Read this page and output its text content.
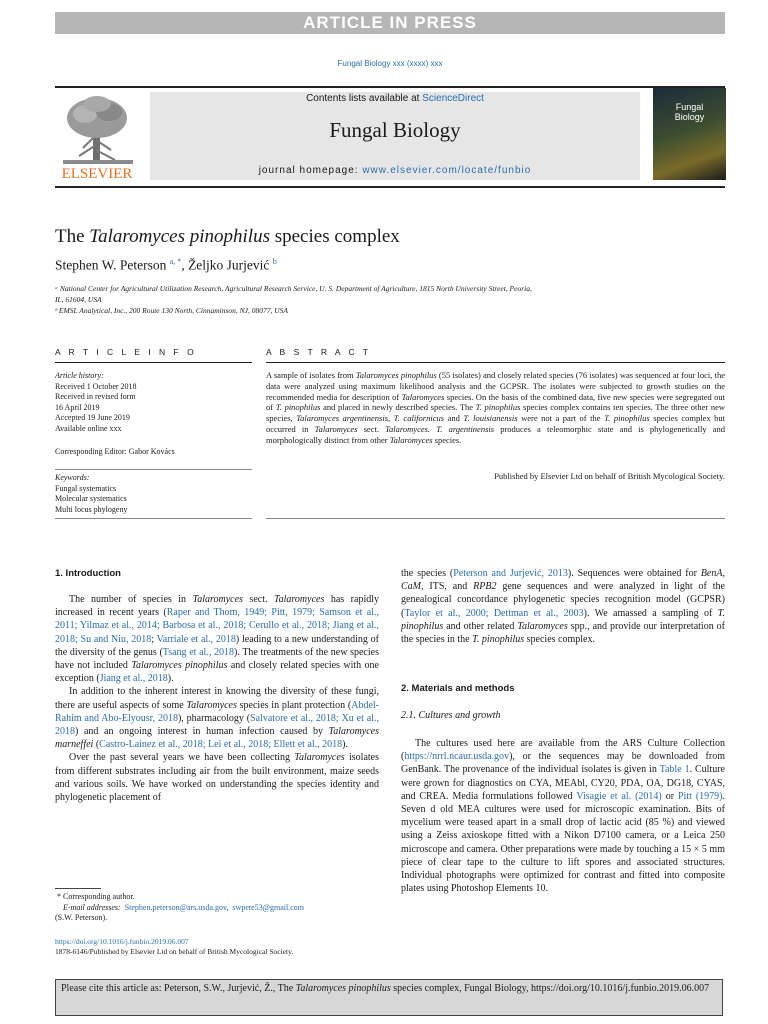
ARTICLE IN PRESS
Fungal Biology xxx (xxxx) xxx
ELSEVIER
Contents lists available at ScienceDirect
Fungal Biology
journal homepage: www.elsevier.com/locate/funbio
Fungal
Biology
The Talaromyces pinophilus species complex
Stephen W. Peterson $^{a, *}$, Željko Jurjević $^b$
ᵃ National Center for Agricultural Utilization Research, Agricultural Research Service, U. S. Department of Agriculture, 1815 North University Street, Peoria,
IL, 61604, USA
ᵇ EMSL Analytical, Inc., 200 Route 130 North, Cinnaminson, NJ, 08077, USA
A R T I C L E I N F O	A B S T R A C T
Article history:
Received 1 October 2018
Received in revised form
16 April 2019
Accepted 19 June 2019
Available online xxx
Corresponding Editor: Gabor Kovács
Keywords:
Fungal systematics
Molecular systematics
Multi locus phylogeny
A sample of isolates from Talaromyces pinophilus (55 isolates) and closely related species (76 isolates) was sequenced at four loci, the data were analyzed using maximum likelihood analysis and the GCPSR. The isolates were subjected to growth studies on the recommended media for description of Talaromyces species. On the basis of the combined data, five new species were segregated out of T. pinophilus and placed in newly described species. The T. pinophilus species complex contains ten species. The three other new species, Talaromyces argentinensis, T. californicus and T. louisianensis were not a part of the T. pinophilus species complex but occurred in Talaromyces sect. Talaromyces. T. argentinensis produces a teleomorphic state and is phylogenetically and morphologically distinct from other Talaromyces species.
Published by Elsevier Ltd on behalf of British Mycological Society.
1. Introduction

The number of species in Talaromyces sect. Talaromyces has rapidly increased in recent years (Raper and Thom, 1949; Pitt, 1979; Samson et al., 2011; Yilmaz et al., 2014; Barbosa et al., 2018; Cerullo et al., 2018; Jiang et al., 2018; Su and Niu, 2018; Varriale et al., 2018) leading to a new understanding of the diversity of the genus (Tsang et al., 2018). The treatments of the new species have not included Talaromyces pinophilus and closely related species with one exception (Jiang et al., 2018).

In addition to the inherent interest in knowing the diversity of these fungi, there are useful aspects of some Talaromyces species in plant protection (Abdel-Rahim and Abo-Elyousr, 2018), pharmacology (Salvatore et al., 2018; Xu et al., 2018) and an ongoing interest in human infection caused by Talaromyces marneffei (Castro-Lainez et al., 2018; Lei et al., 2018; Ellett et al., 2018).

Over the past several years we have been collecting Talaromyces isolates from different substrates including air from the built environment, maize seeds and various soils. We have worked on understanding the species identity and phylogenetic placement of

the species (Peterson and Jurjević, 2013). Sequences were obtained for BenA, CaM, ITS, and RPB2 gene sequences and were analyzed in light of the genealogical concordance phylogenetic species recognition model (GCPSR) (Taylor et al., 2000; Dettman et al., 2003). We amassed a sampling of T. pinophilus and other related Talaromyces spp., and provide our interpretation of the species in the T. pinophilus species complex.

2. Materials and methods
2.1. Cultures and growth

The cultures used here are available from the ARS Culture Collection (https://nrrl.ncaur.usda.gov), or the sequences may be downloaded from GenBank. The provenance of the individual isolates is given in Table 1. Culture were grown for diagnostics on CYA, MEAbl, CY20, PDA, OA, DG18, CYAS, and CREA. Media formulations followed Visagie et al. (2014) or Pitt (1979). Seven d old MEA cultures were used for microscopic examination. Bits of mycelium were teased apart in a small drop of lactic acid (85 %) and viewed using a Zeiss axioskope fitted with a Nikon D7100 camera, or a Leica 250 microscope and camera. Other preparations were made by touching a 15 × 5 mm piece of clear tape to the culture to lift spores and associated structures. Individual photographs were optimized for contrast and fitted into composite plates using Photoshop Elements 10.

* Corresponding author.
E-mail addresses: Stephen.peterson@ars.usda.gov,  swpete53@gmail.com
(S.W. Peterson).
https://doi.org/10.1016/j.funbio.2019.06.007
1878-6146/Published by Elsevier Ltd on behalf of British Mycological Society.
Please cite this article as: Peterson, S.W., Jurjević, Ž., The Talaromyces pinophilus species complex, Fungal Biology, https://doi.org/10.1016/j.funbio.2019.06.007
